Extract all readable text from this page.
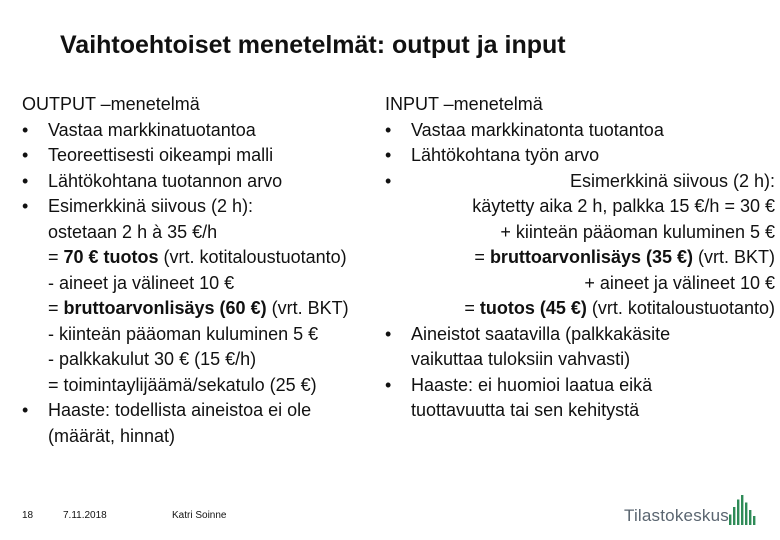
Vaihtoehtoiset menetelmät: output ja input
OUTPUT –menetelmä
• Vastaa markkinatuotantoa
• Teoreettisesti oikeampi malli
• Lähtökohtana tuotannon arvo
• Esimerkkinä siivous (2 h):
ostetaan 2 h à 35 €/h
= 70 € tuotos (vrt. kotitaloustuotanto)
- aineet ja välineet 10 €
= bruttoarvonlisäys (60 €) (vrt. BKT)
- kiinteän pääoman kuluminen 5 €
- palkkakulut 30 € (15 €/h)
= toimintaylijäämä/sekatulo (25 €)
• Haaste: todellista aineistoa ei ole
(määrät, hinnat)
INPUT –menetelmä
• Vastaa markkinatonta tuotantoa
• Lähtökohtana työn arvo
•	Esimerkkinä siivous (2 h):
käytetty aika 2 h, palkka 15 €/h = 30 €
+ kiinteän pääoman kuluminen 5 €
= bruttoarvonlisäys (35 €) (vrt. BKT)
+ aineet ja välineet 10 €
= tuotos (45 €) (vrt. kotitaloustuotanto)
• Aineistot saatavilla (palkkakäsite
vaikuttaa tuloksiin vahvasti)
• Haaste: ei huomioi laatua eikä
tuottavuutta tai sen kehitystä
18	7.11.2018	Katri Soinne	Tilastokeskus
